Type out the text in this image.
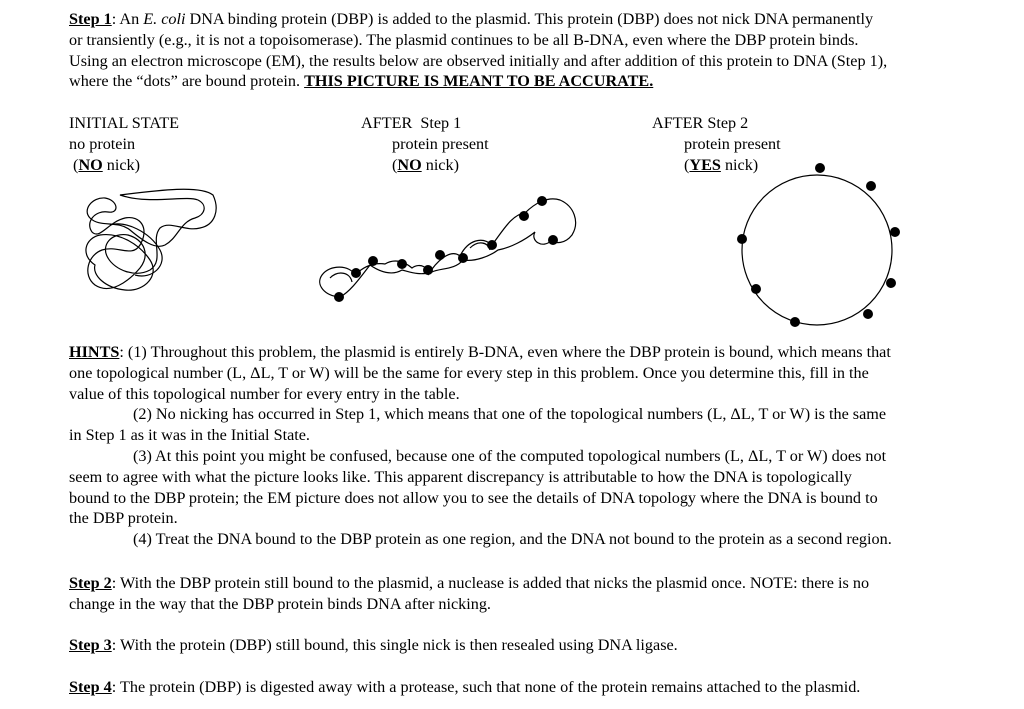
Step 1: An E. coli DNA binding protein (DBP) is added to the plasmid. This protein (DBP) does not nick DNA permanently
or transiently (e.g., it is not a topoisomerase). The plasmid continues to be all B-DNA, even where the DBP protein binds.
Using an electron microscope (EM), the results below are observed initially and after addition of this protein to DNA (Step 1),
where the “dots” are bound protein. THIS PICTURE IS MEANT TO BE ACCURATE.
INITIAL STATE
no protein
(NO nick)
AFTER  Step 1
protein present
(NO nick)
AFTER Step 2
protein present
(YES nick)
HINTS: (1) Throughout this problem, the plasmid is entirely B-DNA, even where the DBP protein is bound, which means that
one topological number (L, ΔL, T or W) will be the same for every step in this problem. Once you determine this, fill in the
value of this topological number for every entry in the table.
(2) No nicking has occurred in Step 1, which means that one of the topological numbers (L, ΔL, T or W) is the same
in Step 1 as it was in the Initial State.
(3) At this point you might be confused, because one of the computed topological numbers (L, ΔL, T or W) does not
seem to agree with what the picture looks like. This apparent discrepancy is attributable to how the DNA is topologically
bound to the DBP protein; the EM picture does not allow you to see the details of DNA topology where the DNA is bound to
the DBP protein.
(4) Treat the DNA bound to the DBP protein as one region, and the DNA not bound to the protein as a second region.
Step 2: With the DBP protein still bound to the plasmid, a nuclease is added that nicks the plasmid once. NOTE: there is no
change in the way that the DBP protein binds DNA after nicking.
Step 3: With the protein (DBP) still bound, this single nick is then resealed using DNA ligase.
Step 4: The protein (DBP) is digested away with a protease, such that none of the protein remains attached to the plasmid.
